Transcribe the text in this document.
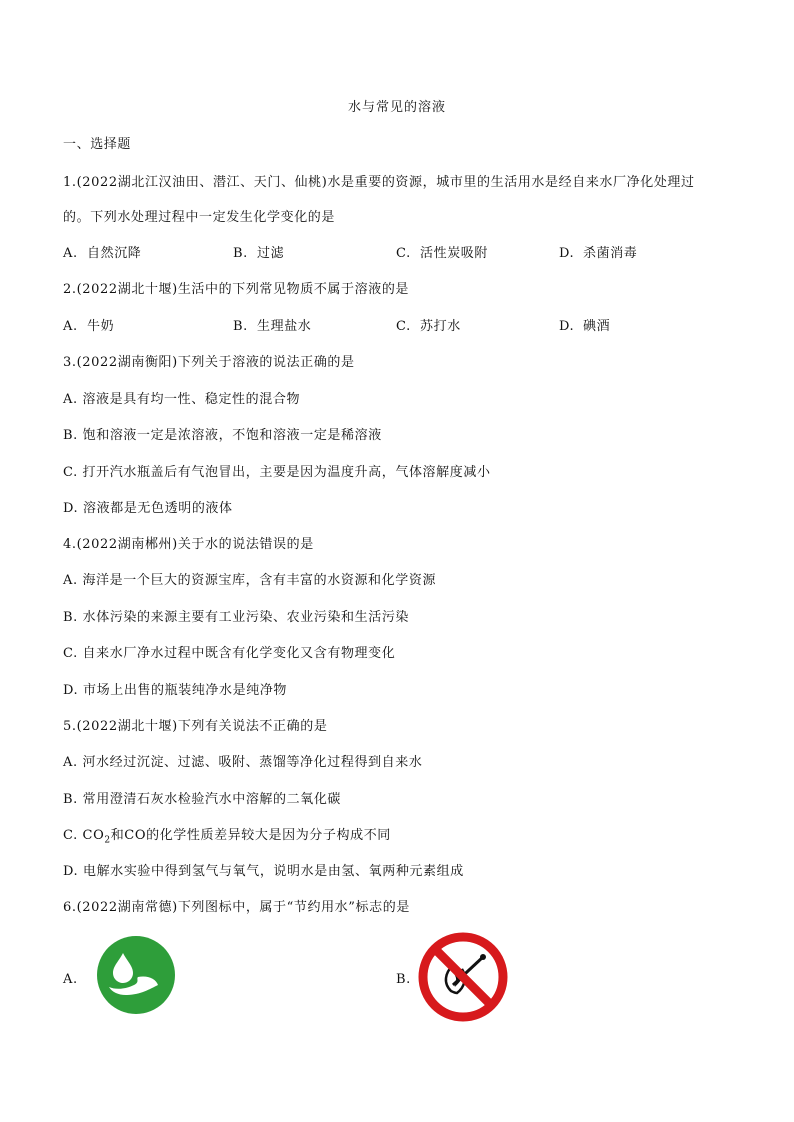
水与常见的溶液
一、选择题
1.(2022湖北江汉油田、潜江、天门、仙桃)水是重要的资源，城市里的生活用水是经自来水厂净化处理过
的。下列水处理过程中一定发生化学变化的是
A. 自然沉降	B. 过滤	C. 活性炭吸附	D. 杀菌消毒
2.(2022湖北十堰)生活中的下列常见物质不属于溶液的是
A. 牛奶	B. 生理盐水	C. 苏打水	D. 碘酒
3.(2022湖南衡阳)下列关于溶液的说法正确的是
A. 溶液是具有均一性、稳定性的混合物
B. 饱和溶液一定是浓溶液，不饱和溶液一定是稀溶液
C. 打开汽水瓶盖后有气泡冒出，主要是因为温度升高，气体溶解度减小
D. 溶液都是无色透明的液体
4.(2022湖南郴州)关于水的说法错误的是
A. 海洋是一个巨大的资源宝库，含有丰富的水资源和化学资源
B. 水体污染的来源主要有工业污染、农业污染和生活污染
C. 自来水厂净水过程中既含有化学变化又含有物理变化
D. 市场上出售的瓶装纯净水是纯净物
5.(2022湖北十堰)下列有关说法不正确的是
A. 河水经过沉淀、过滤、吸附、蒸馏等净化过程得到自来水
B. 常用澄清石灰水检验汽水中溶解的二氧化碳
C. $CO_2$和CO的化学性质差异较大是因为分子构成不同
D. 电解水实验中得到氢气与氧气，说明水是由氢、氧两种元素组成
6.(2022湖南常德)下列图标中，属于“节约用水”标志的是
A.	B.
